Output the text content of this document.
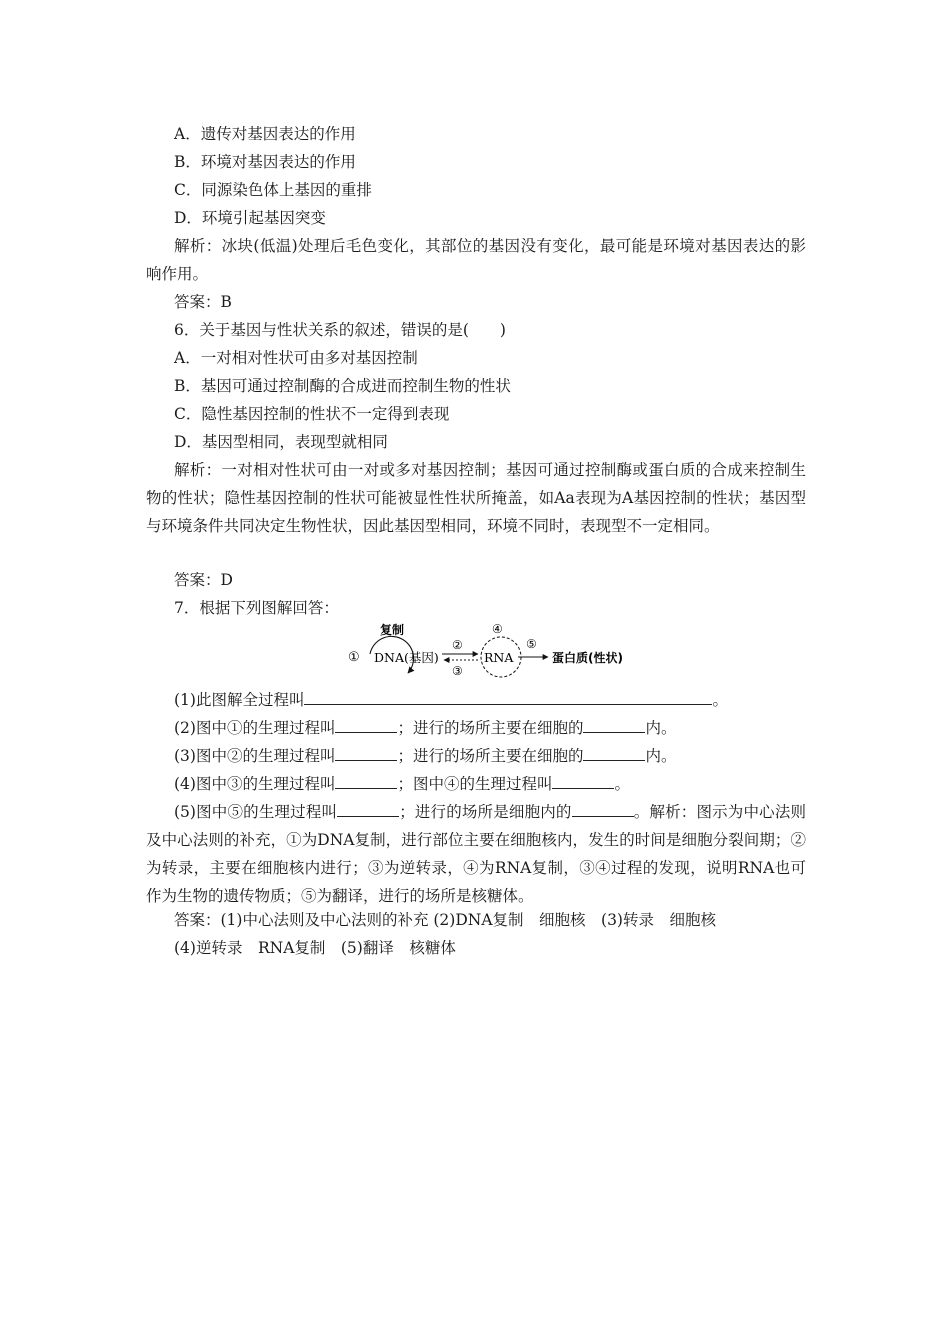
A．遗传对基因表达的作用
B．环境对基因表达的作用
C．同源染色体上基因的重排
D．环境引起基因突变

解析：冰块(低温)处理后毛色变化，其部位的基因没有变化，最可能是环境对基因表达的影响作用。

答案：B
6．关于基因与性状关系的叙述，错误的是(　　)
A．一对相对性状可由多对基因控制
B．基因可通过控制酶的合成进而控制生物的性状
C．隐性基因控制的性状不一定得到表现
D．基因型相同，表现型就相同

解析：一对相对性状可由一对或多对基因控制；基因可通过控制酶或蛋白质的合成来控制生物的性状；隐性基因控制的性状可能被显性性状所掩盖，如Aa表现为A基因控制的性状；基因型与环境条件共同决定生物性状，因此基因型相同，环境不同时，表现型不一定相同。

答案：D
7．根据下列图解回答：
复制
① DNA(基因)
②
③
④
RNA
⑤
蛋白质(性状)
(1)此图解全过程叫	。
(2)图中①的生理过程叫	；进行的场所主要在细胞的	内。
(3)图中②的生理过程叫	；进行的场所主要在细胞的	内。
(4)图中③的生理过程叫	；图中④的生理过程叫	。

(5)图中⑤的生理过程叫	；进行的场所是细胞内的	。解析：图示为中心法则及中心法则的补充，①为DNA复制，进行部位主要在细胞核内，发生的时间是细胞分裂间期；②为转录，主要在细胞核内进行；③为逆转录，④为RNA复制，③④过程的发现，说明RNA也可作为生物的遗传物质；⑤为翻译，进行的场所是核糖体。

答案：(1)中心法则及中心法则的补充 (2)DNA复制　细胞核　(3)转录　细胞核
(4)逆转录　RNA复制　(5)翻译　核糖体
